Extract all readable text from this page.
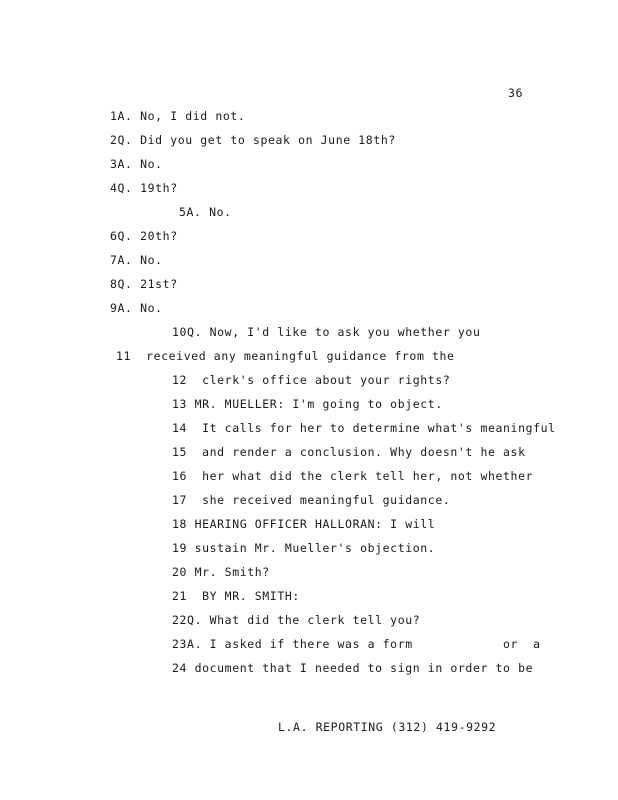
36
1A. No, I did not.
2Q. Did you get to speak on June 18th?
3A. No.
4Q. 19th?
5A. No.
6Q. 20th?
7A. No.
8Q. 21st?
9A. No.
10Q. Now, I'd like to ask you whether you
11  received any meaningful guidance from the
12  clerk's office about your rights?
13 MR. MUELLER: I'm going to object.
14  It calls for her to determine what's meaningful
15  and render a conclusion. Why doesn't he ask
16  her what did the clerk tell her, not whether
17  she received meaningful guidance.
18 HEARING OFFICER HALLORAN: I will
19 sustain Mr. Mueller's objection.
20 Mr. Smith?
21  BY MR. SMITH:
22Q. What did the clerk tell you?
23A. I asked if there was a form            or  a
24 document that I needed to sign in order to be
L.A. REPORTING (312) 419-9292
